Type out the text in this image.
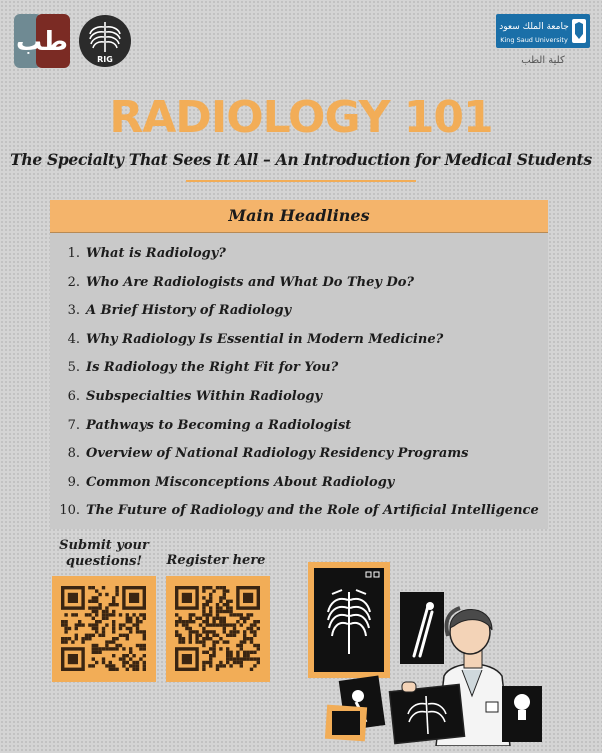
طب
RIG
جامعة الملك سعود
King Saud University
كلية الطب
RADIOLOGY 101
The Specialty That Sees It All – An Introduction for Medical Students
Main Headlines
1. What is Radiology?
2. Who Are Radiologists and What Do They Do?
3. A Brief History of Radiology
4. Why Radiology Is Essential in Modern Medicine?
5. Is Radiology the Right Fit for You?
6. Subspecialties Within Radiology
7. Pathways to Becoming a Radiologist
8. Overview of National Radiology Residency Programs
9. Common Misconceptions About Radiology
10. The Future of Radiology and the Role of Artificial Intelligence
Submit your questions!	Register here
